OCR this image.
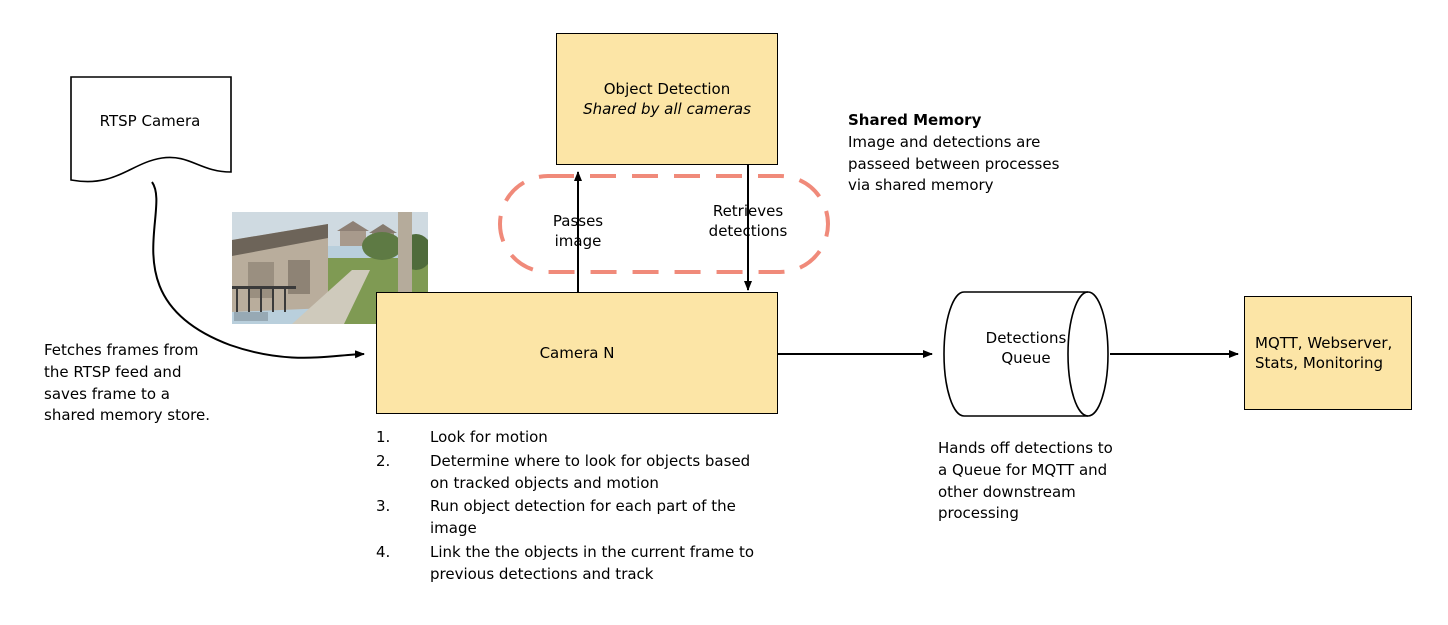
RTSP Camera
Object Detection
Shared by all cameras
Passes
image
Retrieves
detections
Shared Memory
Image and detections are passeed between processes via shared memory
Camera N
1.	Look for motion
2.	Determine where to look for objects based on tracked objects and motion
3.	Run object detection for each part of the image
4.	Link the the objects in the current frame to previous detections and track
Fetches frames from the RTSP feed and saves frame to a shared memory store.
Detections
Queue
Hands off detections to a Queue for MQTT and other downstream processing
MQTT, Webserver,
Stats, Monitoring
